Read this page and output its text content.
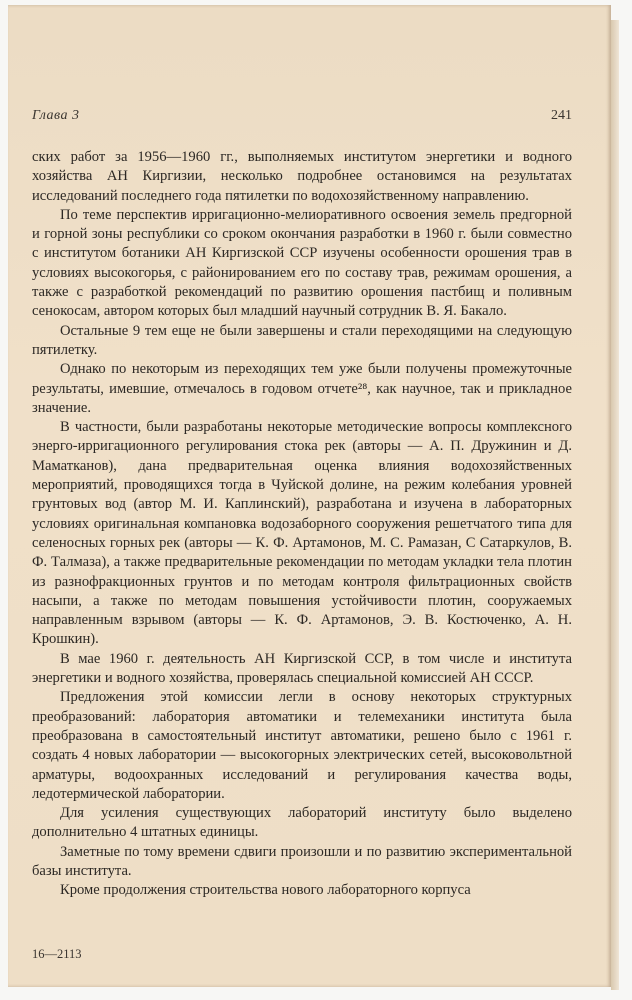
Глава 3	241

ских работ за 1956—1960 гг., выполняемых институтом энергетики и водного хозяйства АН Киргизии, несколько подробнее остановимся на результатах исследований последнего года пятилетки по водохозяйственному направлению.

По теме перспектив ирригационно-мелиоративного освоения земель предгорной и горной зоны республики со сроком окончания разработки в 1960 г. были совместно с институтом ботаники АН Киргизской ССР изучены особенности орошения трав в условиях высокогорья, с районированием его по составу трав, режимам орошения, а также с разработкой рекомендаций по развитию орошения пастбищ и поливным сенокосам, автором которых был младший научный сотрудник В. Я. Бакало.

Остальные 9 тем еще не были завершены и стали переходящими на следующую пятилетку.

Однако по некоторым из переходящих тем уже были получены промежуточные результаты, имевшие, отмечалось в годовом отчете²⁸, как научное, так и прикладное значение.

В частности, были разработаны некоторые методические вопросы комплексного энерго-ирригационного регулирования стока рек (авторы — А. П. Дружинин и Д. Маматканов), дана предварительная оценка влияния водохозяйственных мероприятий, проводящихся тогда в Чуйской долине, на режим колебания уровней грунтовых вод (автор М. И. Каплинский), разработана и изучена в лабораторных условиях оригинальная компановка водозаборного сооружения решетчатого типа для селеносных горных рек (авторы — К. Ф. Артамонов, М. С. Рамазан, С Сатаркулов, В. Ф. Талмаза), а также предварительные рекомендации по методам укладки тела плотин из разнофракционных грунтов и по методам контроля фильтрационных свойств насыпи, а также по методам повышения устойчивости плотин, сооружаемых направленным взрывом (авторы — К. Ф. Артамонов, Э. В. Костюченко, А. Н. Крошкин).

В мае 1960 г. деятельность АН Киргизской ССР, в том числе и института энергетики и водного хозяйства, проверялась специальной комиссией АН СССР.

Предложения этой комиссии легли в основу некоторых структурных преобразований: лаборатория автоматики и телемеханики института была преобразована в самостоятельный институт автоматики, решено было с 1961 г. создать 4 новых лаборатории — высокогорных электрических сетей, высоковольтной арматуры, водоохранных исследований и регулирования качества воды, ледотермической лаборатории.

Для усиления существующих лабораторий институту было выделено дополнительно 4 штатных единицы.

Заметные по тому времени сдвиги произошли и по развитию экспериментальной базы института.

Кроме продолжения строительства нового лабораторного корпуса

16—2113
